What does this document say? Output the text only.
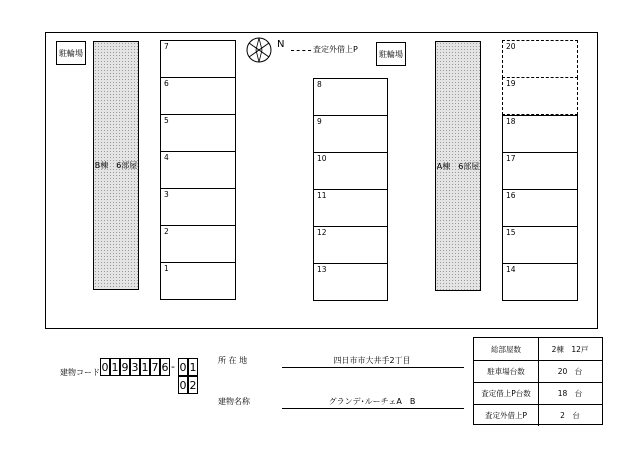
駐輪場	駐輪場
B棟　6部屋	A棟　6部屋
N	査定外借上P
7
6
5
4
3
2
1
8
9
10
11
12
13
20
19
18
17
16
15
14
建物コード 0 1 9 3 1 7 6 - 0 1
0 2
所 在 地	四日市市大井手2丁目
建物名称	グランデ･ルーチェA　B
総部屋数	2棟　12戸
駐車場台数	20　台
査定借上P台数	18　台
査定外借上P	2　台
